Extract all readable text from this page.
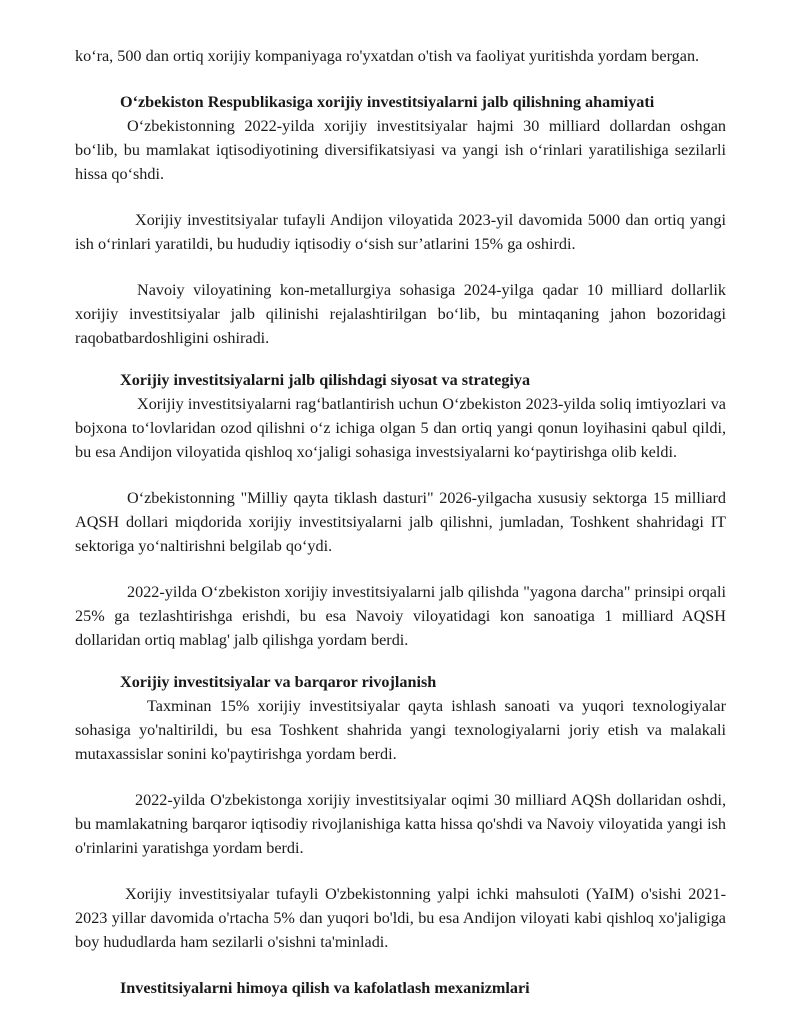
ko‘ra, 500 dan ortiq xorijiy kompaniyaga ro'yxatdan o'tish va faoliyat yuritishda yordam bergan.

O‘zbekiston Respublikasiga xorijiy investitsiyalarni jalb qilishning ahamiyati

O‘zbekistonning 2022-yilda xorijiy investitsiyalar hajmi 30 milliard dollardan oshgan bo‘lib, bu mamlakat iqtisodiyotining diversifikatsiyasi va yangi ish o‘rinlari yaratilishiga sezilarli hissa qo‘shdi.

Xorijiy investitsiyalar tufayli Andijon viloyatida 2023-yil davomida 5000 dan ortiq yangi ish o‘rinlari yaratildi, bu hududiy iqtisodiy o‘sish sur’atlarini 15% ga oshirdi.

Navoiy viloyatining kon-metallurgiya sohasiga 2024-yilga qadar 10 milliard dollarlik xorijiy investitsiyalar jalb qilinishi rejalashtirilgan bo‘lib, bu mintaqaning jahon bozoridagi raqobatbardoshligini oshiradi.

Xorijiy investitsiyalarni jalb qilishdagi siyosat va strategiya

Xorijiy investitsiyalarni rag‘batlantirish uchun O‘zbekiston 2023-yilda soliq imtiyozlari va bojxona to‘lovlaridan ozod qilishni o‘z ichiga olgan 5 dan ortiq yangi qonun loyihasini qabul qildi, bu esa Andijon viloyatida qishloq xo‘jaligi sohasiga investsiyalarni ko‘paytirishga olib keldi.

O‘zbekistonning "Milliy qayta tiklash dasturi" 2026-yilgacha xususiy sektorga 15 milliard AQSH dollari miqdorida xorijiy investitsiyalarni jalb qilishni, jumladan, Toshkent shahridagi IT sektoriga yo‘naltirishni belgilab qo‘ydi.

2022-yilda O‘zbekiston xorijiy investitsiyalarni jalb qilishda "yagona darcha" prinsipi orqali 25% ga tezlashtirishga erishdi, bu esa Navoiy viloyatidagi kon sanoatiga 1 milliard AQSH dollaridan ortiq mablag' jalb qilishga yordam berdi.

Xorijiy investitsiyalar va barqaror rivojlanish

Taxminan 15% xorijiy investitsiyalar qayta ishlash sanoati va yuqori texnologiyalar sohasiga yo'naltirildi, bu esa Toshkent shahrida yangi texnologiyalarni joriy etish va malakali mutaxassislar sonini ko'paytirishga yordam berdi.

2022-yilda O'zbekistonga xorijiy investitsiyalar oqimi 30 milliard AQSh dollaridan oshdi, bu mamlakatning barqaror iqtisodiy rivojlanishiga katta hissa qo'shdi va Navoiy viloyatida yangi ish o'rinlarini yaratishga yordam berdi.

Xorijiy investitsiyalar tufayli O'zbekistonning yalpi ichki mahsuloti (YaIM) o'sishi 2021-2023 yillar davomida o'rtacha 5% dan yuqori bo'ldi, bu esa Andijon viloyati kabi qishloq xo'jaligiga boy hududlarda ham sezilarli o'sishni ta'minladi.

Investitsiyalarni himoya qilish va kafolatlash mexanizmlari
